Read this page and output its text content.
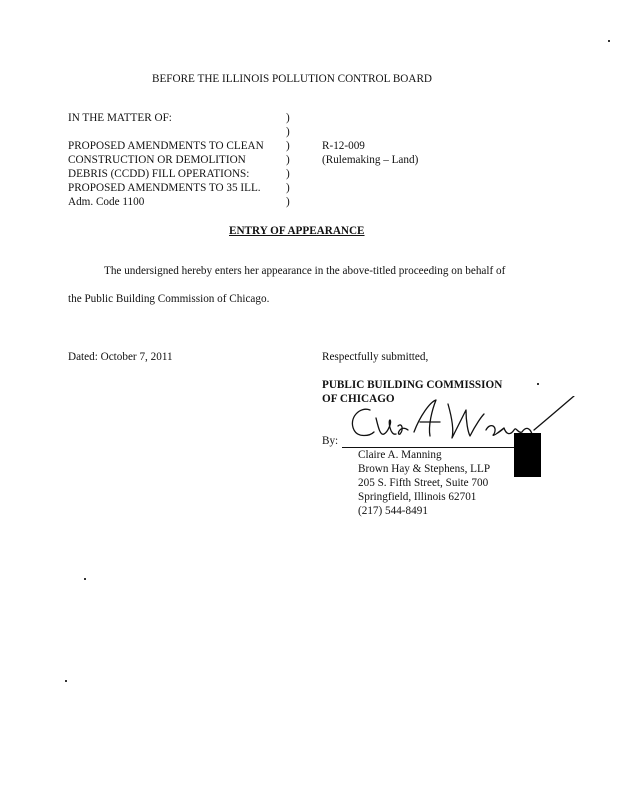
BEFORE THE ILLINOIS POLLUTION CONTROL BOARD
IN THE MATTER OF:
PROPOSED AMENDMENTS TO CLEAN
CONSTRUCTION OR DEMOLITION
DEBRIS (CCDD) FILL OPERATIONS:
PROPOSED AMENDMENTS TO 35 ILL.
Adm. Code 1100
)
)
)
)
)
)
)
R-12-009
(Rulemaking – Land)
ENTRY OF APPEARANCE
The undersigned hereby enters her appearance in the above-titled proceeding on behalf of
the Public Building Commission of Chicago.
Dated: October 7, 2011	Respectfully submitted,
PUBLIC BUILDING COMMISSION
OF CHICAGO
By:
Claire A. Manning
Brown Hay & Stephens, LLP
205 S. Fifth Street, Suite 700
Springfield, Illinois 62701
(217) 544-8491
